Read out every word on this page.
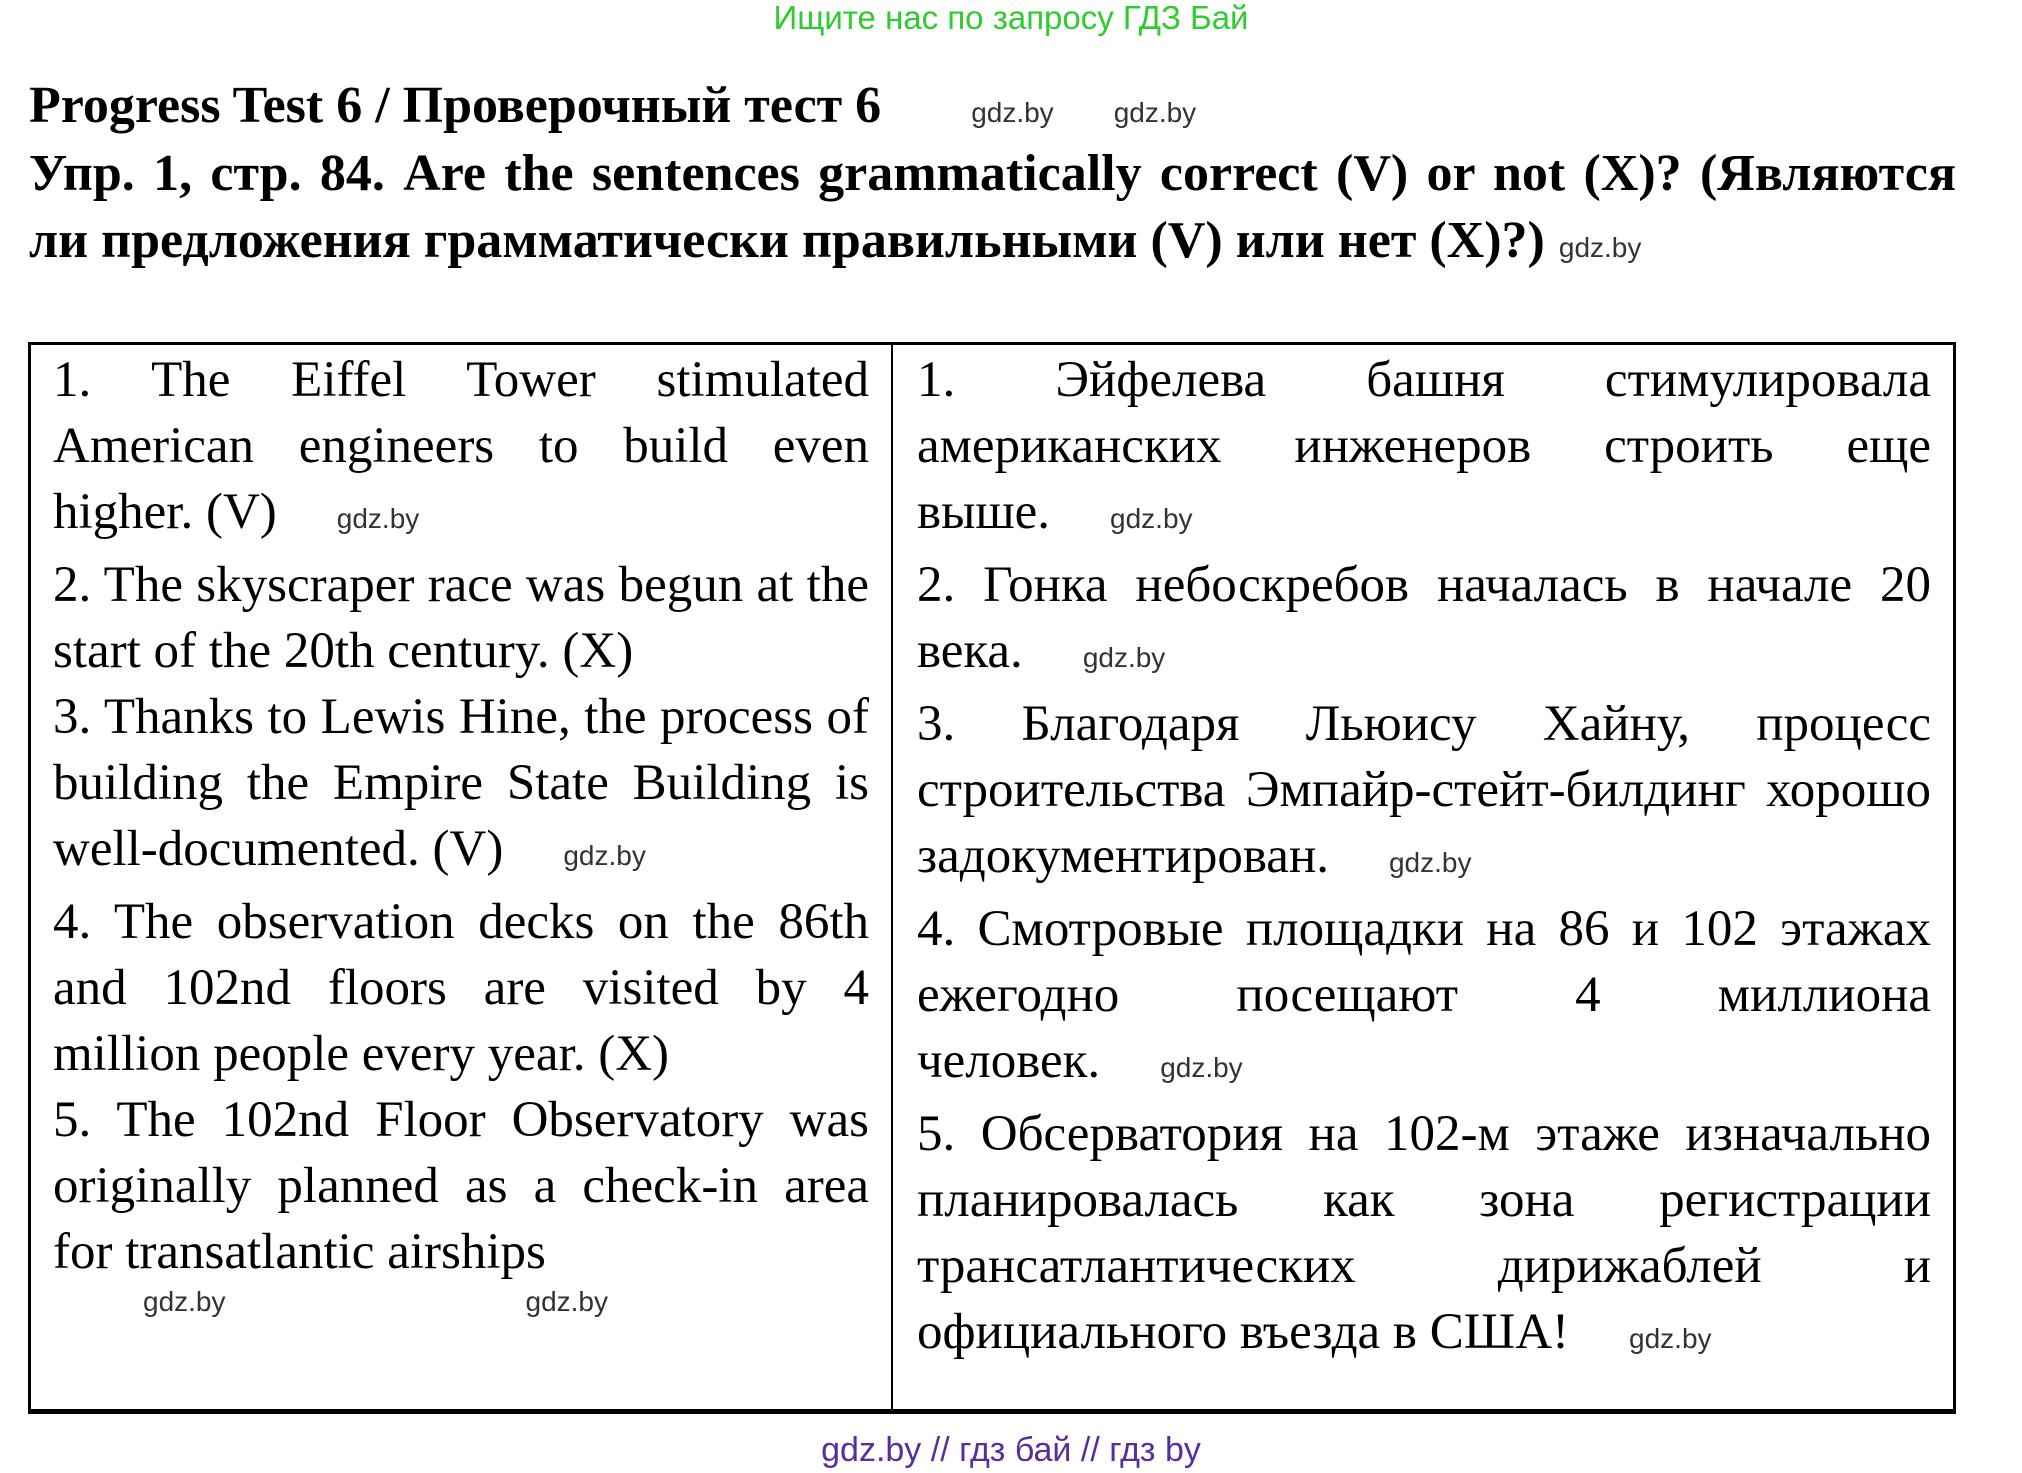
Ищите нас по запросу ГДЗ Бай
Progress Test 6 / Проверочный тест 6	gdz.by gdz.by
Упр. 1, стр. 84. Are the sentences grammatically correct (V) or not (X)? (Являются ли предложения грамматически правильными (V) или нет (X)?) gdz.by

1. The Eiffel Tower stimulated American engineers to build even higher. (V) gdz.by

2. The skyscraper race was begun at the start of the 20th century. (X)

3. Thanks to Lewis Hine, the process of building the Empire State Building is well-documented. (V) gdz.by

4. The observation decks on the 86th and 102nd floors are visited by 4 million people every year. (X)

5. The 102nd Floor Observatory was originally planned as a check-in area for transatlantic airships

gdz.by	gdz.by

1. Эйфелева башня стимулировала американских инженеров строить еще выше. gdz.by

2. Гонка небоскребов началась в начале 20 века. gdz.by

3. Благодаря Льюису Хайну, процесс строительства Эмпайр-стейт-билдинг хорошо задокументирован. gdz.by

4. Смотровые площадки на 86 и 102 этажах ежегодно посещают 4 миллиона человек. gdz.by

5. Обсерватория на 102-м этаже изначально планировалась как зона регистрации трансатлантических дирижаблей и официального въезда в США! gdz.by

gdz.by // гдз бай // гдз by
